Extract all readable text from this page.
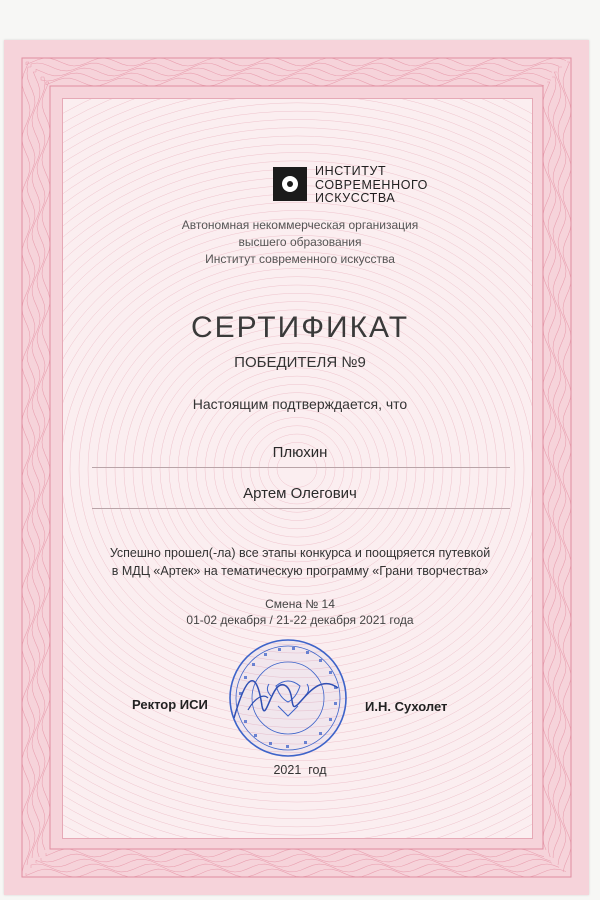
ИНСТИТУТ
СОВРЕМЕННОГО
ИСКУССТВА
Автономная некоммерческая организация
высшего образования
Институт современного искусства
СЕРТИФИКАТ
ПОБЕДИТЕЛЯ №9
Настоящим подтверждается, что
Плюхин
Артем Олегович
Успешно прошел(-ла) все этапы конкурса и поощряется путевкой
в МДЦ «Артек» на тематическую программу «Грани творчества»
Смена № 14
01-02 декабря / 21-22 декабря 2021 года
Ректор ИСИ	И.Н. Сухолет
2021  год
